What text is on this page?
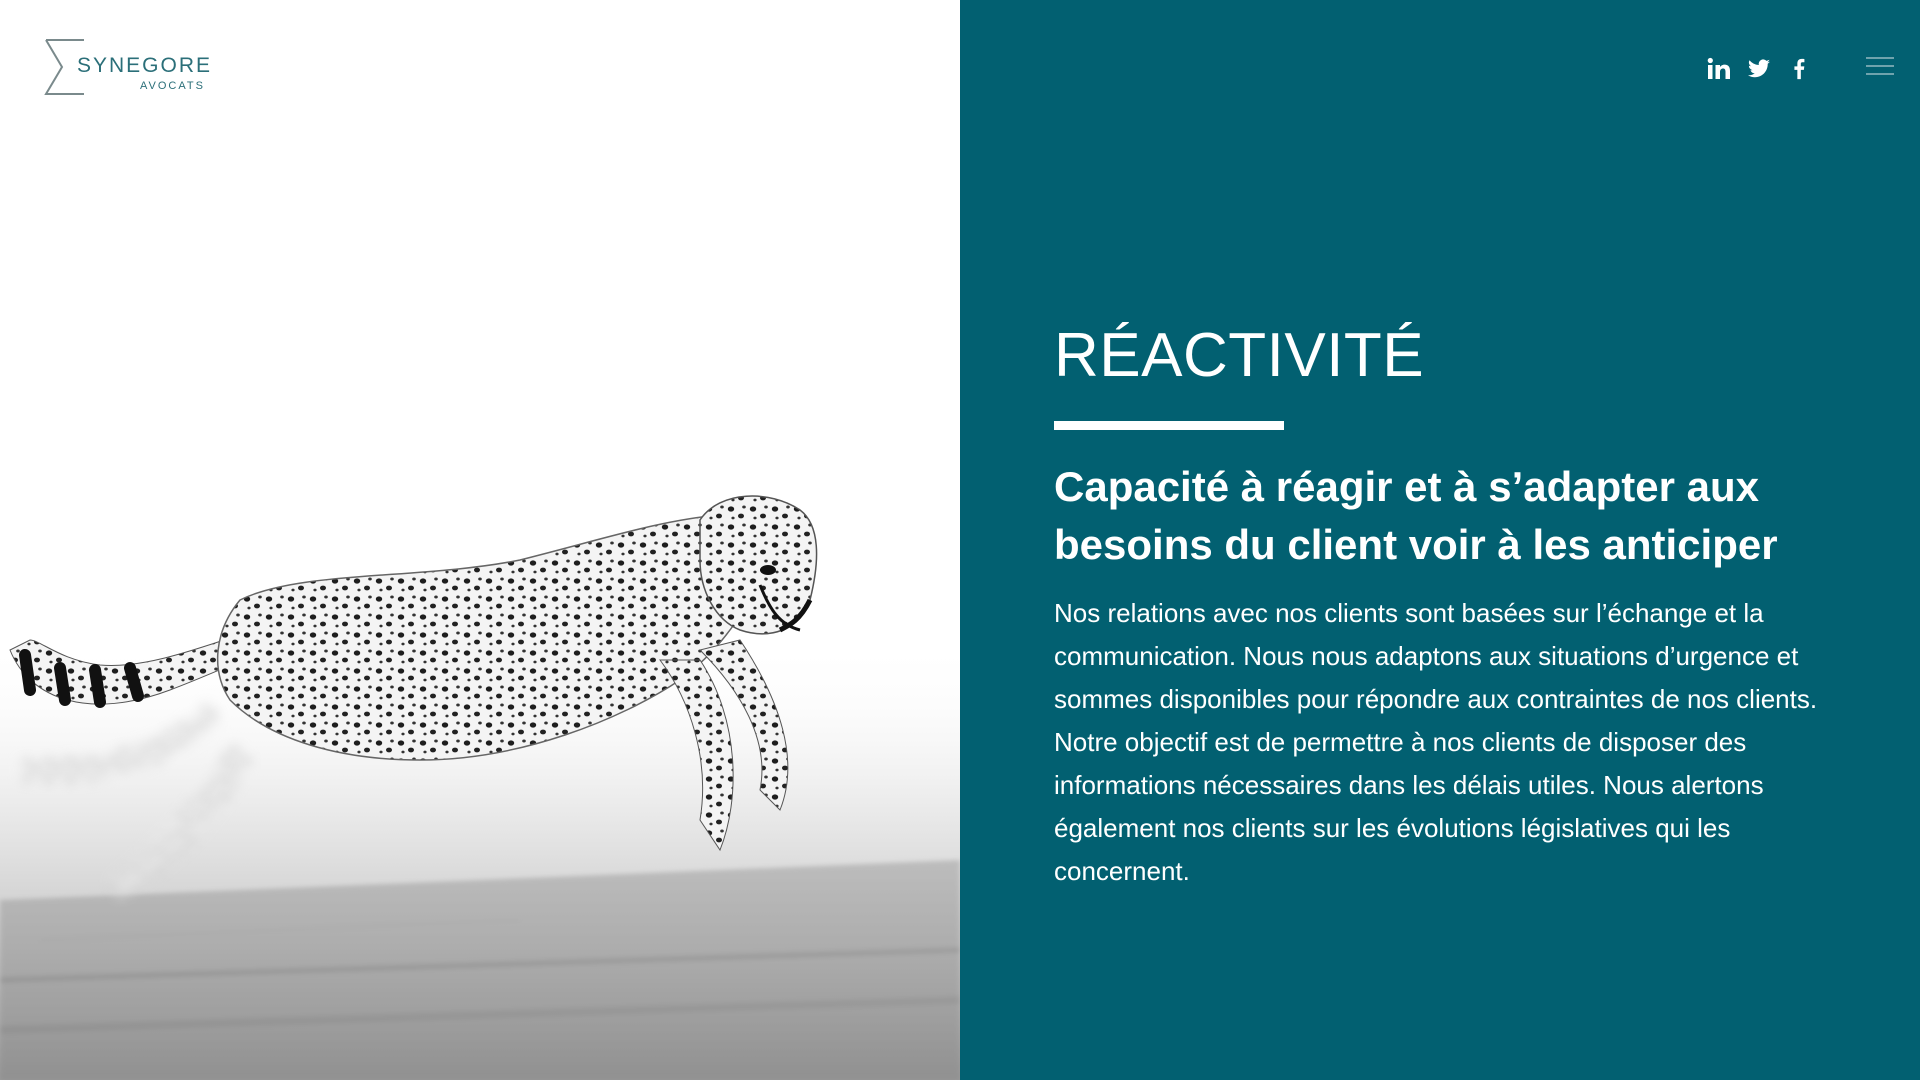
SYNEGORE
AVOCATS
RÉACTIVITÉ
Capacité à réagir et à s’adapter aux besoins du client voir à les anticiper

Nos relations avec nos clients sont basées sur l’échange et la communication. Nous nous adaptons aux situations d’urgence et sommes disponibles pour répondre aux contraintes de nos clients.

Notre objectif est de permettre à nos clients de disposer des informations nécessaires dans les délais utiles. Nous alertons également nos clients sur les évolutions législatives qui les concernent.
